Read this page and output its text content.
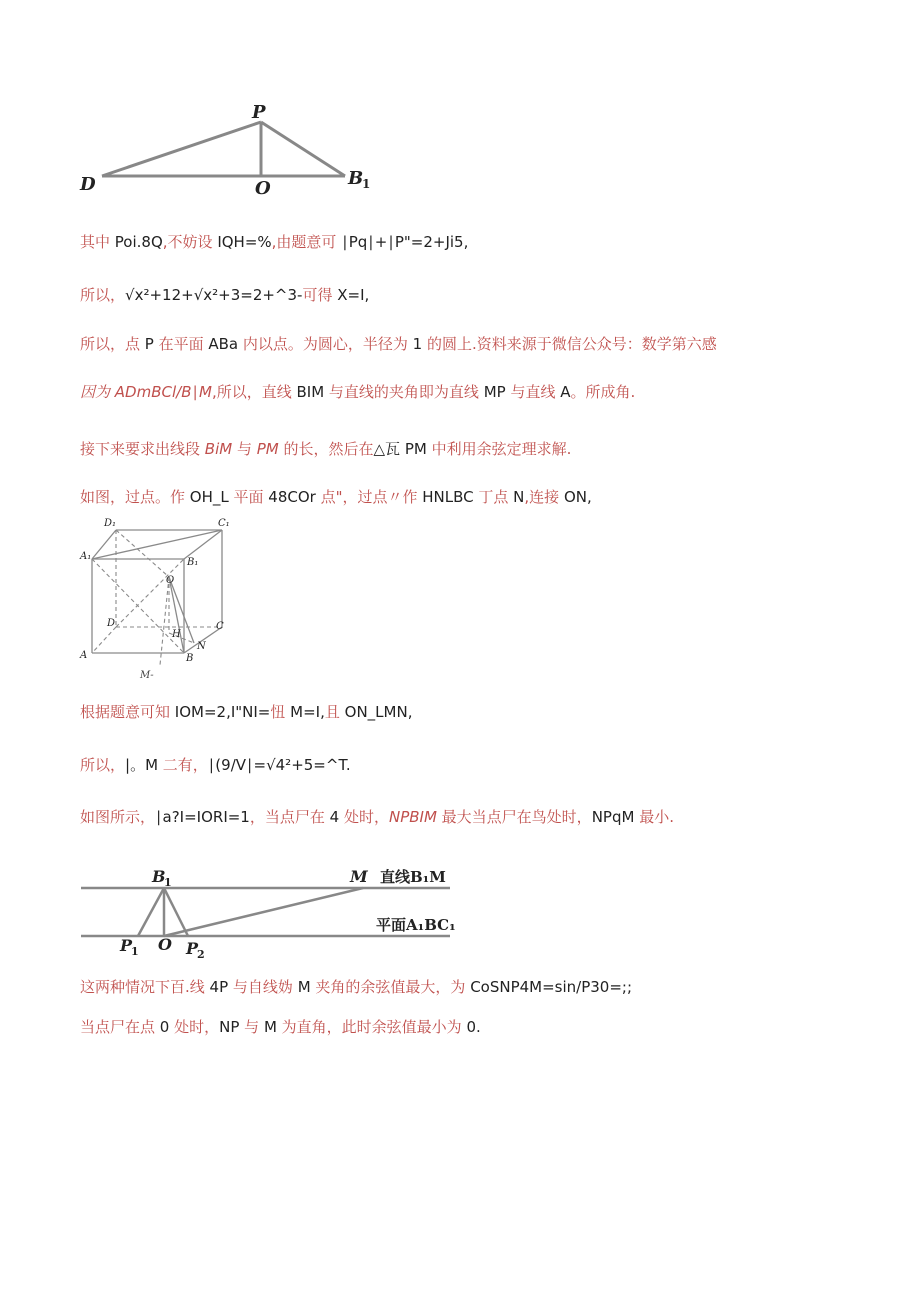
P
D	O	B
1
其中 Poi.8Q,不妨设 IQH=%,由题意可 ∣Pq∣+∣P"=2+Ji5,
所以，√x²+12+√x²+3=2+^3-可得 X=I,
所以，点 P 在平面 ABa 内以点。为圆心，半径为 1 的圆上.资料来源于微信公众号：数学第六感
因为 ADmBCl/B∣M,所以，直线 BIM 与直线的夹角即为直线 MP 与直线 A。所成角.
接下来要求出线段 BiM 与 PM 的长，然后在△瓦 PM 中利用余弦定理求解.
如图，过点。作 OH_L 平面 48COr 点"，过点〃作 HNLBC 丁点 N,连接 ON,
D₁	C₁
A₁
B₁
O
D	C
H
A
N
B
M-
根据题意可知 IOM=2,I"NI=忸 M=I,且 ON_LMN,
所以，|。M 二有，∣(9/V∣=√4²+5=^T.
如图所示，∣a?I=IORI=1，当点尸在 4 处时，NPBIM 最大当点尸在鸟处时，NPqM 最小.
B
1	M
P
1 O P
2
直线B₁M
平面A₁BC₁
这两种情况下百.线 4P 与自线妫 M 夹角的余弦值最大，为 CoSNP4M=sin/P30=;;
当点尸在点 0 处时，NP 与 M 为直角，此时余弦值最小为 0.
